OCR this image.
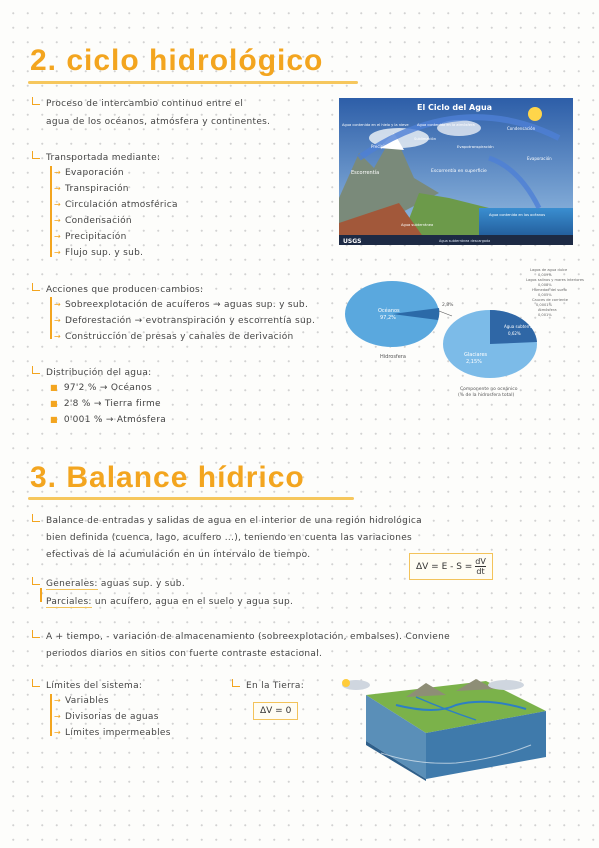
2. ciclo hidrológico
Proceso de intercambio continuo entre el
agua de los océanos, atmósfera y continentes.
Transportada mediante:
→ Evaporación
→ Transpiración
→ Circulación atmosférica
→ Condensación
→ Precipitación
→ Flujo sup. y sub.
El Ciclo del Agua
Agua contenida en la atmósfera
Agua contenida en el hielo y la nieve
Condensación
Precipitación
Sublimación
Evapotranspiración
Evaporación
Escorrentía	Escorrentía en superficie
Agua contenida en los océanos
Agua subterránea
Agua subterránea descargada
USGS
Acciones que producen cambios:
→ Sobreexplotación de acuíferos → aguas sup. y sub.
→ Deforestación → evotranspiración y escorrentía sup.
→ Construcción de presas y canales de derivación
Océanos
97,2%
Hidrosfera
2,8%
Glaciares
2,15%
Agua subterránea
0,62%
Lagos de agua dulce
0,009%
Lagos salinos y mares interiores
0,008%
Humedad del suelo
0,005%
Cauces de corriente
0,0001%
Atmósfera
0,001%
Componente no oceánico
(% de la hidrosfera total)
Distribución del agua:
■ 97'2 % → Océanos
■ 2'8 % → Tierra firme
■ 0'001 % → Atmósfera
3. Balance hídrico
Balance de entradas y salidas de agua en el interior de una región hidrológica
bien definida (cuenca, lago, acuífero ...), teniendo en cuenta las variaciones
efectivas de la acumulación en un intervalo de tiempo.
$\Delta V = E - S = \frac{dV}{dt}$
Generales: aguas sup. y sub.
Parciales: un acuífero, agua en el suelo y agua sup.
A + tiempo, - variación de almacenamiento (sobreexplotación, embalses). Conviene
periodos diarios en sitios con fuerte contraste estacional.
Límites del sistema:
→ Variables
→ Divisorias de aguas
→ Límites impermeables
En la Tierra:
ΔV = 0
